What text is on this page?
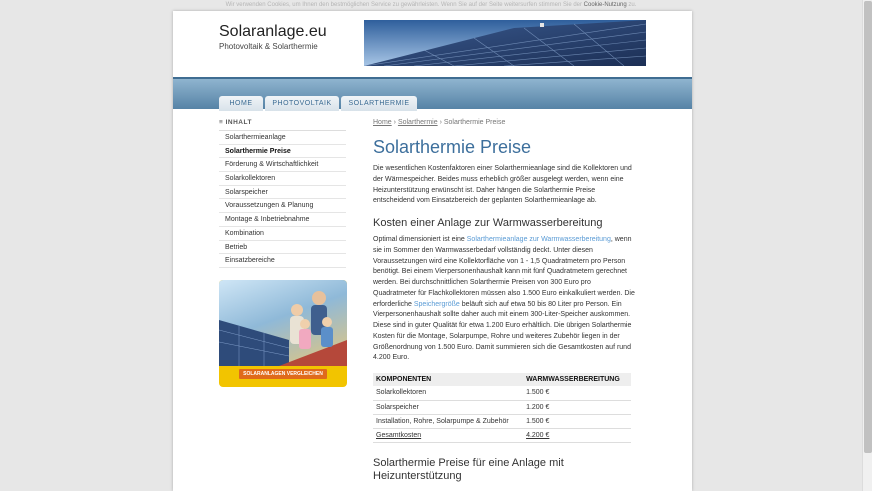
Wir verwenden Cookies, um Ihnen den bestmöglichen Service zu gewährleisten. Wenn Sie auf der Seite weitersurfen stimmen Sie der Cookie-Nutzung zu.
Solaranlage.eu
Photovoltaik & Solarthermie
HOME	PHOTOVOLTAIK	SOLARTHERMIE
≡ INHALT
Solarthermieanlage
Solarthermie Preise
Förderung & Wirtschaftlichkeit
Solarkollektoren
Solarspeicher
Voraussetzungen & Planung
Montage & Inbetriebnahme
Kombination
Betrieb
Einsatzbereiche
SOLARANLAGEN VERGLEICHEN
Home › Solarthermie › Solarthermie Preise
Solarthermie Preise

Die wesentlichen Kostenfaktoren einer Solarthermieanlage sind die Kollektoren und der Wärmespeicher. Beides muss erheblich größer ausgelegt werden, wenn eine Heizunterstützung erwünscht ist. Daher hängen die Solarthermie Preise entscheidend vom Einsatzbereich der geplanten Solarthermieanlage ab.

Kosten einer Anlage zur Warmwasserbereitung

Optimal dimensioniert ist eine Solarthermieanlage zur Warmwasserbereitung, wenn sie im Sommer den Warmwasserbedarf vollständig deckt. Unter diesen Voraussetzungen wird eine Kollektorfläche von 1 - 1,5 Quadratmetern pro Person benötigt. Bei einem Vierpersonenhaushalt kann mit fünf Quadratmetern gerechnet werden. Bei durchschnittlichen Solarthermie Preisen von 300 Euro pro Quadratmeter für Flachkollektoren müssen also 1.500 Euro einkalkuliert werden. Die erforderliche Speichergröße beläuft sich auf etwa 50 bis 80 Liter pro Person. Ein Vierpersonenhaushalt sollte daher auch mit einem 300-Liter-Speicher auskommen. Diese sind in guter Qualität für etwa 1.200 Euro erhältlich. Die übrigen Solarthermie Kosten für die Montage, Solarpumpe, Rohre und weiteres Zubehör liegen in der Größenordnung von 1.500 Euro. Damit summieren sich die Gesamtkosten auf rund 4.200 Euro.

KOMPONENTEN	WARMWASSERBEREITUNG
Solarkollektoren	1.500 €
Solarspeicher	1.200 €
Installation, Rohre, Solarpumpe & Zubehör	1.500 €
Gesamtkosten	4.200 €
Solarthermie Preise für eine Anlage mit Heizunterstützung
